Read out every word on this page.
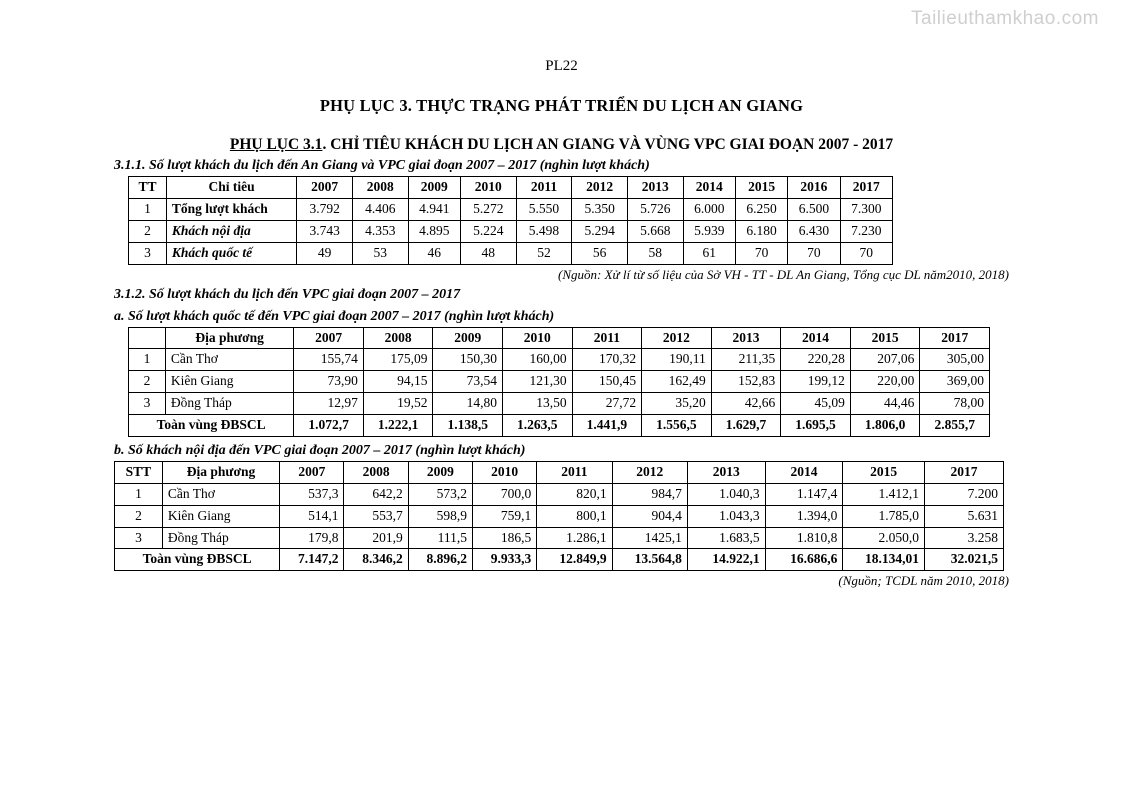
Tailieuthamkhao.com
PL22
PHỤ LỤC 3. THỰC TRẠNG PHÁT TRIỂN DU LỊCH AN GIANG
PHỤ LỤC 3.1. CHỈ TIÊU KHÁCH DU LỊCH AN GIANG VÀ VÙNG VPC GIAI ĐOẠN 2007 - 2017
3.1.1. Số lượt khách du lịch đến An Giang và VPC giai đoạn 2007 – 2017 (nghìn lượt khách)
TT	Chỉ tiêu	2007	2008	2009	2010	2011	2012	2013	2014	2015	2016	2017
1	Tổng lượt khách	3.792	4.406	4.941	5.272	5.550	5.350	5.726	6.000	6.250	6.500	7.300
2	Khách nội địa	3.743	4.353	4.895	5.224	5.498	5.294	5.668	5.939	6.180	6.430	7.230
3	Khách quốc tế	49	53	46	48	52	56	58	61	70	70	70
(Nguồn: Xử lí từ số liệu của Sở VH - TT - DL An Giang, Tổng cục DL năm2010, 2018)
3.1.2. Số lượt khách du lịch đến VPC giai đoạn 2007 – 2017
a. Số lượt khách quốc tế đến VPC giai đoạn 2007 – 2017 (nghìn lượt khách)
	Địa phương	2007	2008	2009	2010	2011	2012	2013	2014	2015	2017
1	Cần Thơ	155,74	175,09	150,30	160,00	170,32	190,11	211,35	220,28	207,06	305,00
2	Kiên Giang	73,90	94,15	73,54	121,30	150,45	162,49	152,83	199,12	220,00	369,00
3	Đồng Tháp	12,97	19,52	14,80	13,50	27,72	35,20	42,66	45,09	44,46	78,00
Toàn vùng ĐBSCL		1.072,7	1.222,1	1.138,5	1.263,5	1.441,9	1.556,5	1.629,7	1.695,5	1.806,0	2.855,7
b. Số khách nội địa đến VPC giai đoạn 2007 – 2017 (nghìn lượt khách)
STT	Địa phương	2007	2008	2009	2010	2011	2012	2013	2014	2015	2017
1	Cần Thơ	537,3	642,2	573,2	700,0	820,1	984,7	1.040,3	1.147,4	1.412,1	7.200
2	Kiên Giang	514,1	553,7	598,9	759,1	800,1	904,4	1.043,3	1.394,0	1.785,0	5.631
3	Đồng Tháp	179,8	201,9	111,5	186,5	1.286,1	1425,1	1.683,5	1.810,8	2.050,0	3.258
Toàn vùng ĐBSCL		7.147,2	8.346,2	8.896,2	9.933,3	12.849,9	13.564,8	14.922,1	16.686,6	18.134,01	32.021,5
(Nguồn; TCDL năm 2010, 2018)
